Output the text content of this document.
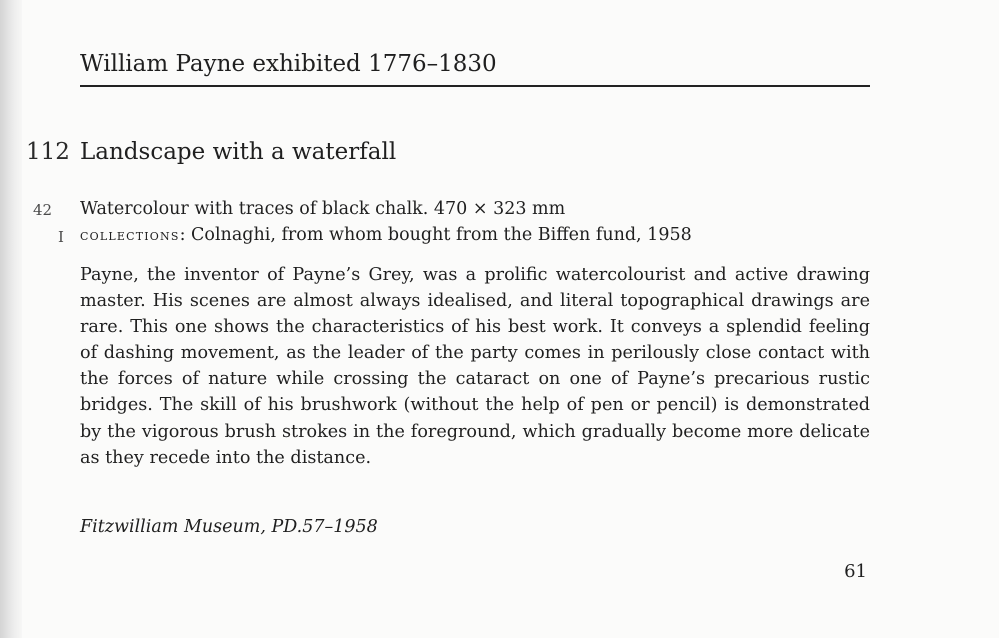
William Payne exhibited 1776–1830
112 Landscape with a waterfall
42
I
Watercolour with traces of black chalk. 470 × 323 mm
collections: Colnaghi, from whom bought from the Biffen fund, 1958
Payne, the inventor of Payne’s Grey, was a prolific watercolourist and active drawing master. His scenes are almost always idealised, and literal topographical drawings are rare. This one shows the characteristics of his best work. It conveys a splendid feeling of dashing movement, as the leader of the party comes in perilously close contact with the forces of nature while crossing the cataract on one of Payne’s precarious rustic bridges. The skill of his brushwork (without the help of pen or pencil) is demonstrated by the vigorous brush strokes in the foreground, which gradually become more delicate as they recede into the distance.
Fitzwilliam Museum, PD.57–1958
61
